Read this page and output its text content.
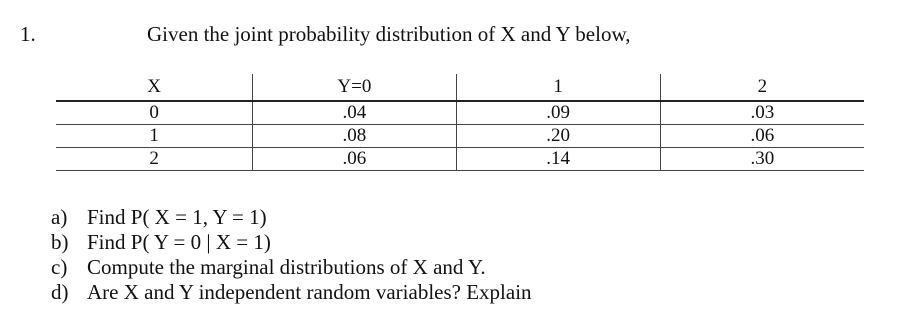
1.	Given the joint probability distribution of X and Y below,
X	Y=0	1	2
0	.04	.09	.03
1	.08	.20	.06
2	.06	.14	.30
a) Find P( X = 1, Y = 1)
b) Find P( Y = 0 | X = 1)
c) Compute the marginal distributions of X and Y.
d) Are X and Y independent random variables? Explain
